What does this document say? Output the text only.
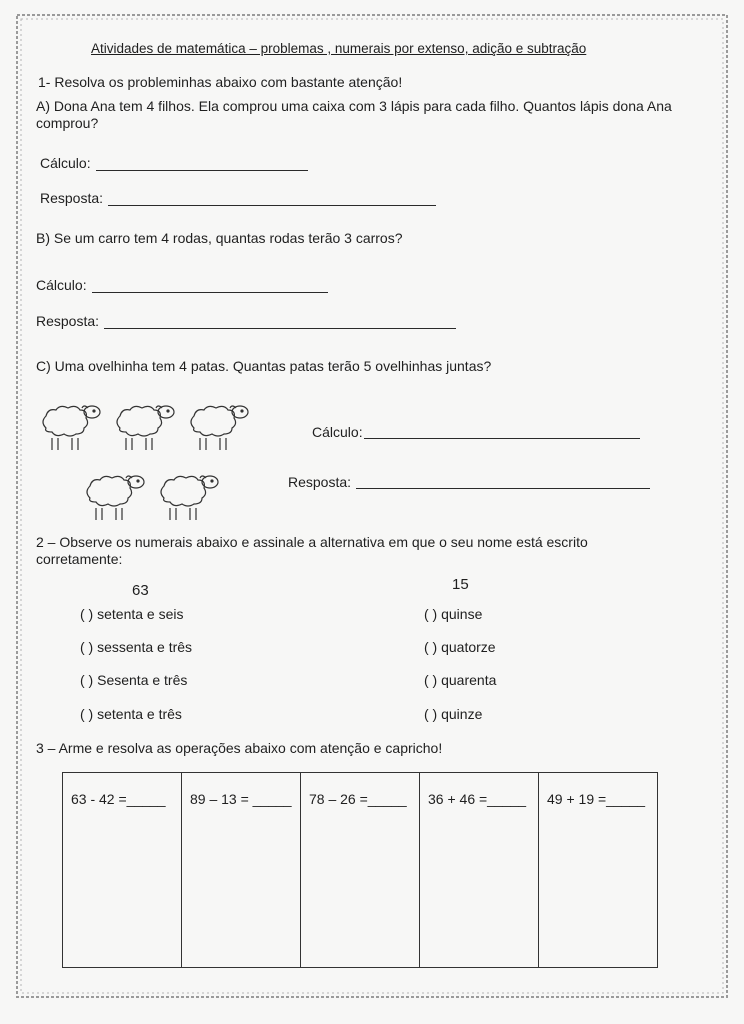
Atividades de matemática – problemas , numerais por extenso, adição e subtração
1- Resolva os probleminhas abaixo com bastante atenção!
A) Dona Ana tem 4 filhos. Ela comprou uma caixa com 3 lápis para cada filho. Quantos lápis dona Ana comprou?
Cálculo:
Resposta:
B) Se um carro tem 4 rodas, quantas rodas terão 3 carros?
Cálculo:
Resposta:
C) Uma ovelhinha tem 4 patas. Quantas patas terão 5 ovelhinhas juntas?
Cálculo:
Resposta:
2 – Observe os numerais abaixo e assinale a alternativa em que o seu nome está escrito corretamente:
63	15
( ) setenta e seis
( ) sessenta e três
( ) Sesenta e três
( ) setenta e três
( ) quinse
( ) quatorze
( ) quarenta
( ) quinze
3 – Arme e resolva as operações abaixo com atenção e capricho!
63 - 42 =_____ 89 – 13 = _____ 78 – 26 =_____ 36 + 46 =_____ 49 + 19 =_____
